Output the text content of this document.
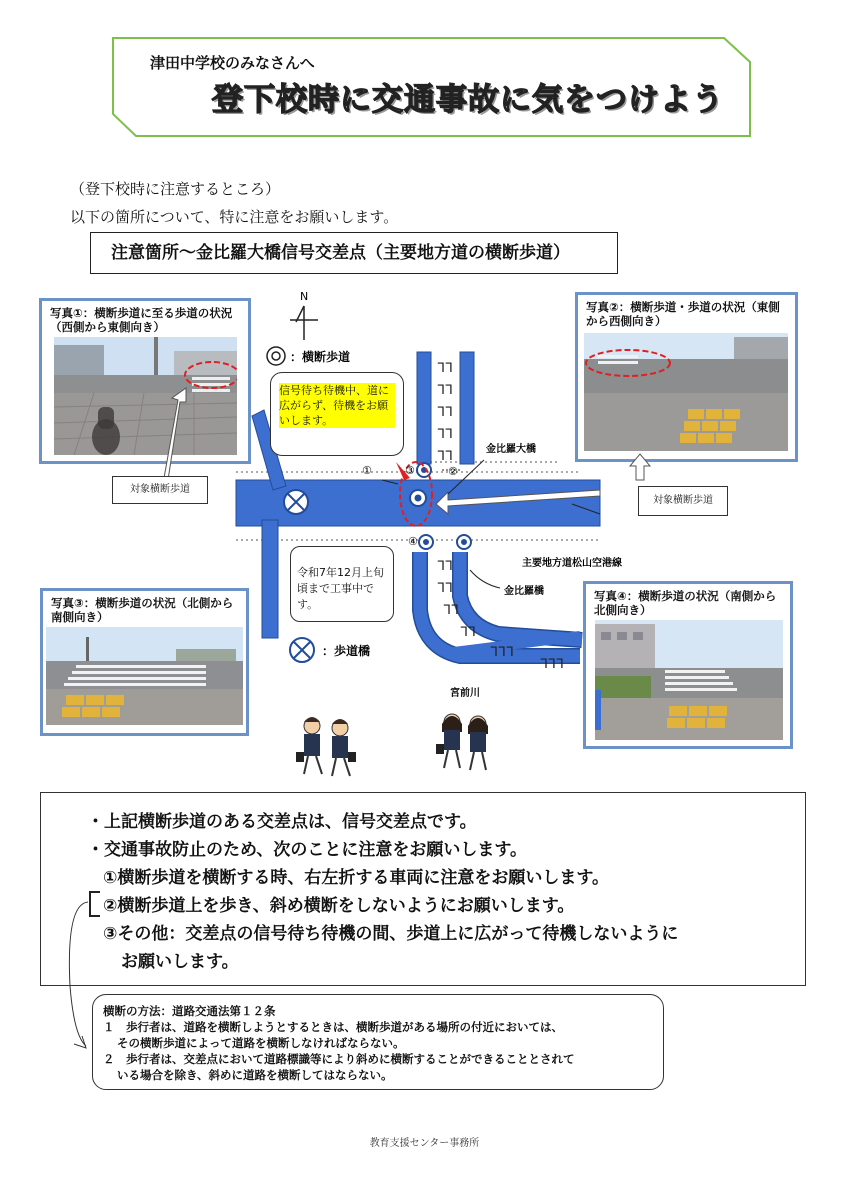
津田中学校のみなさんへ
登下校時に交通事故に気をつけよう
（登下校時に注意するところ）
以下の箇所について、特に注意をお願いします。
注意箇所～金比羅大橋信号交差点（主要地方道の横断歩道）
写真①：横断歩道に至る歩道の状況
（西側から東側向き）
写真②：横断歩道・歩道の状況（東側
から西側向き）
写真③：横断歩道の状況（北側から
南側向き）
写真④：横断歩道の状況（南側から
北側向き）
N
ᒣᒣ
ᒣᒣ
ᒣᒣ
ᒣᒣ
ᒣᒣ
ᒣᒣ
ᒣᒣ
ᒣᒣ
ᒣᒣ
ᒣᒣᒣ
ᒣᒣᒣ
：横断歩道
：歩道橋
①	②
③
④
金比羅大橋
金比羅橋
主要地方道松山空港線
宮前川
信号待ち待機中、道に広がらず、待機をお願いします。
令和7年12月上旬頃まで工事中です。
対象横断歩道
対象横断歩道
・上記横断歩道のある交差点は、信号交差点です。
・交通事故防止のため、次のことに注意をお願いします。
①横断歩道を横断する時、右左折する車両に注意をお願いします。
②横断歩道上を歩き、斜め横断をしないようにお願いします。
③その他：交差点の信号待ち待機の間、歩道上に広がって待機しないように
お願いします。
横断の方法：道路交通法第１２条
１　歩行者は、道路を横断しようとするときは、横断歩道がある場所の付近においては、
その横断歩道によって道路を横断しなければならない。
２　歩行者は、交差点において道路標識等により斜めに横断することができることとされて
いる場合を除き、斜めに道路を横断してはならない。
教育支援センター事務所
